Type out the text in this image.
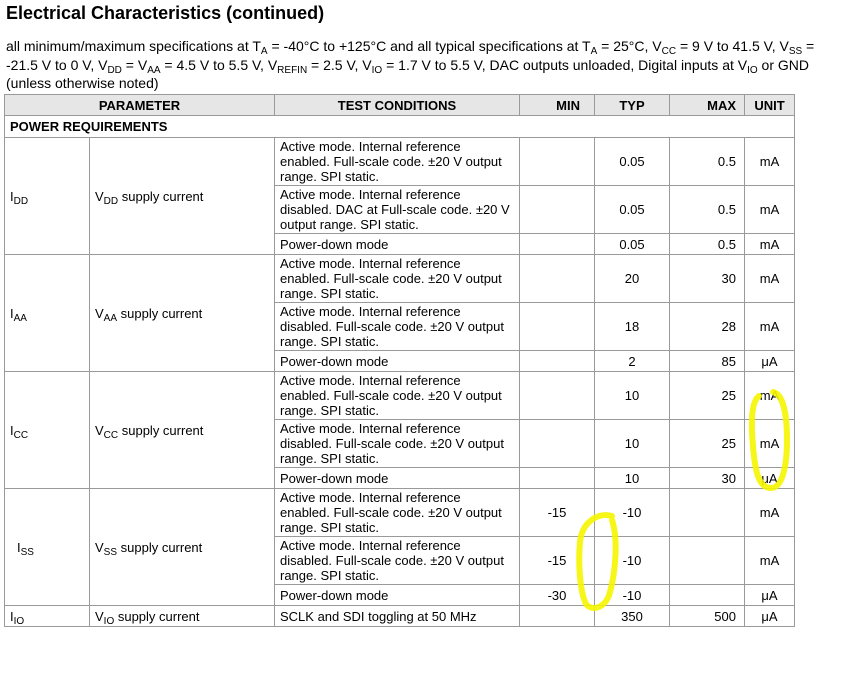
Electrical Characteristics (continued)
all minimum/maximum specifications at $T_A = -40^\circ C$ to +125°C and all typical specifications at $T_A = 25^\circ C$, $V_{CC} = 9$ V to 41.5 V, $V_{SS} = -21.5$ V to 0 V, $V_{DD} = V_{AA} = 4.5$ V to 5.5 V, $V_{REFIN} = 2.5$ V, $V_{IO} = 1.7$ V to 5.5 V, DAC outputs unloaded, Digital inputs at $V_{IO}$ or GND (unless otherwise noted)
PARAMETER		TEST CONDITIONS	MIN	TYP	MAX	UNIT
POWER REQUIREMENTS						
$I_{DD}$	$V_{DD}$ supply current	Active mode. Internal reference enabled. Full-scale code. ±20 V output range. SPI static.		0.05	0.5	mA
		Active mode. Internal reference disabled. DAC at Full-scale code. ±20 V output range. SPI static.		0.05	0.5	mA
		Power-down mode		0.05	0.5	mA
$I_{AA}$	$V_{AA}$ supply current	Active mode. Internal reference enabled. Full-scale code. ±20 V output range. SPI static.		20	30	mA
		Active mode. Internal reference disabled. Full-scale code. ±20 V output range. SPI static.		18	28	mA
		Power-down mode		2	85	μA
$I_{CC}$	$V_{CC}$ supply current	Active mode. Internal reference enabled. Full-scale code. ±20 V output range. SPI static.		10	25	mA
		Active mode. Internal reference disabled. Full-scale code. ±20 V output range. SPI static.		10	25	mA
		Power-down mode		10	30	μA
$I_{SS}$	$V_{SS}$ supply current	Active mode. Internal reference enabled. Full-scale code. ±20 V output range. SPI static.	-15	-10		mA
		Active mode. Internal reference disabled. Full-scale code. ±20 V output range. SPI static.	-15	-10		mA
		Power-down mode	-30	-10		μA
$I_{IO}$	$V_{IO}$ supply current	SCLK and SDI toggling at 50 MHz		350	500	μA
